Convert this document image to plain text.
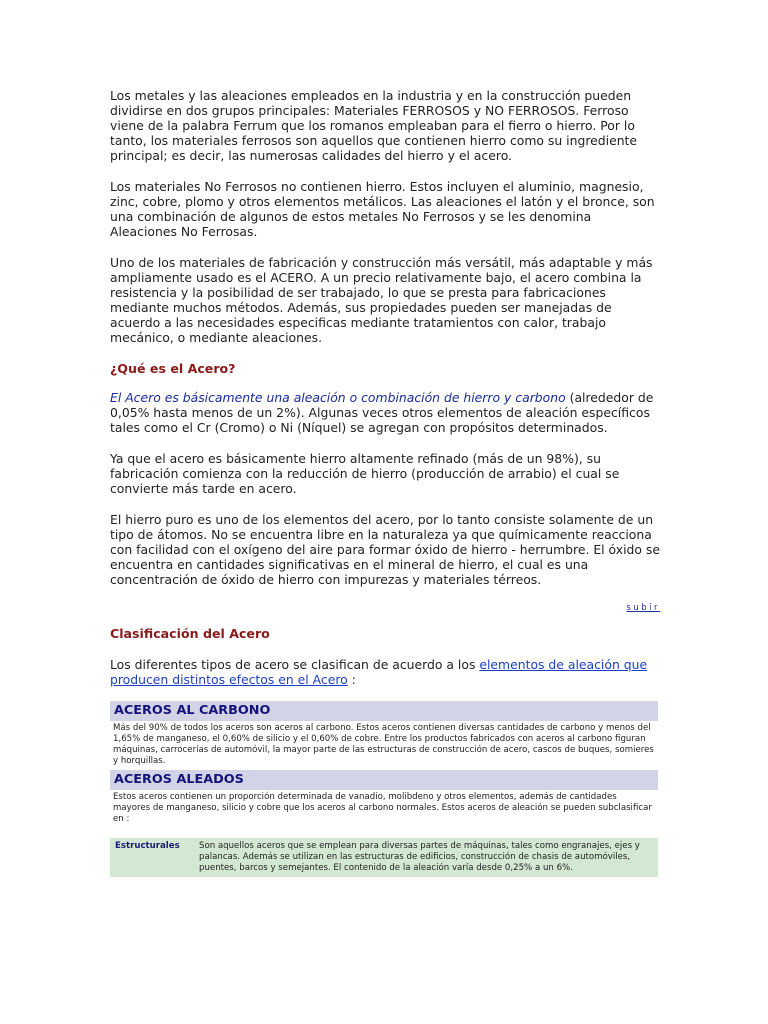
Los metales y las aleaciones empleados en la industria y en la construcción pueden dividirse en dos grupos principales: Materiales FERROSOS y NO FERROSOS. Ferroso viene de la palabra Ferrum que los romanos empleaban para el fierro o hierro. Por lo tanto, los materiales ferrosos son aquellos que contienen hierro como su ingrediente principal; es decir, las numerosas calidades del hierro y el acero.

Los materiales No Ferrosos no contienen hierro. Estos incluyen el aluminio, magnesio, zinc, cobre, plomo y otros elementos metálicos. Las aleaciones el latón y el bronce, son una combinación de algunos de estos metales No Ferrosos y se les denomina Aleaciones No Ferrosas.

Uno de los materiales de fabricación y construcción más versátil, más adaptable y más ampliamente usado es el ACERO. A un precio relativamente bajo, el acero combina la resistencia y la posibilidad de ser trabajado, lo que se presta para fabricaciones mediante muchos métodos. Además, sus propiedades pueden ser manejadas de acuerdo a las necesidades especificas mediante tratamientos con calor, trabajo mecánico, o mediante aleaciones.

¿Qué es el Acero?

El Acero es básicamente una aleación o combinación de hierro y carbono (alrededor de 0,05% hasta menos de un 2%). Algunas veces otros elementos de aleación específicos tales como el Cr (Cromo) o Ni (Níquel) se agregan con propósitos determinados.

Ya que el acero es básicamente hierro altamente refinado (más de un 98%), su fabricación comienza con la reducción de hierro (producción de arrabio) el cual se convierte más tarde en acero.

El hierro puro es uno de los elementos del acero, por lo tanto consiste solamente de un tipo de átomos. No se encuentra libre en la naturaleza ya que químicamente reacciona con facilidad con el oxígeno del aire para formar óxido de hierro - herrumbre. El óxido se encuentra en cantidades significativas en el mineral de hierro, el cual es una concentración de óxido de hierro con impurezas y materiales térreos.

subir
Clasificación del Acero

Los diferentes tipos de acero se clasifican de acuerdo a los elementos de aleación que producen distintos efectos en el Acero :

ACEROS AL CARBONO
Más del 90% de todos los aceros son aceros al carbono. Estos aceros contienen diversas cantidades de carbono y menos del 1,65% de manganeso, el 0,60% de silicio y el 0,60% de cobre. Entre los productos fabricados con aceros al carbono figuran máquinas, carrocerías de automóvil, la mayor parte de las estructuras de construcción de acero, cascos de buques, somieres y horquillas.
ACEROS ALEADOS
Estos aceros contienen un proporción determinada de vanadio, molibdeno y otros elementos, además de cantidades mayores de manganeso, silicio y cobre que los aceros al carbono normales. Estos aceros de aleación se pueden subclasificar en :
Estructurales	Son aquellos aceros que se emplean para diversas partes de máquinas, tales como engranajes, ejes y palancas. Además se utilizan en las estructuras de edificios, construcción de chasis de automóviles, puentes, barcos y semejantes. El contenido de la aleación varía desde 0,25% a un 6%.
